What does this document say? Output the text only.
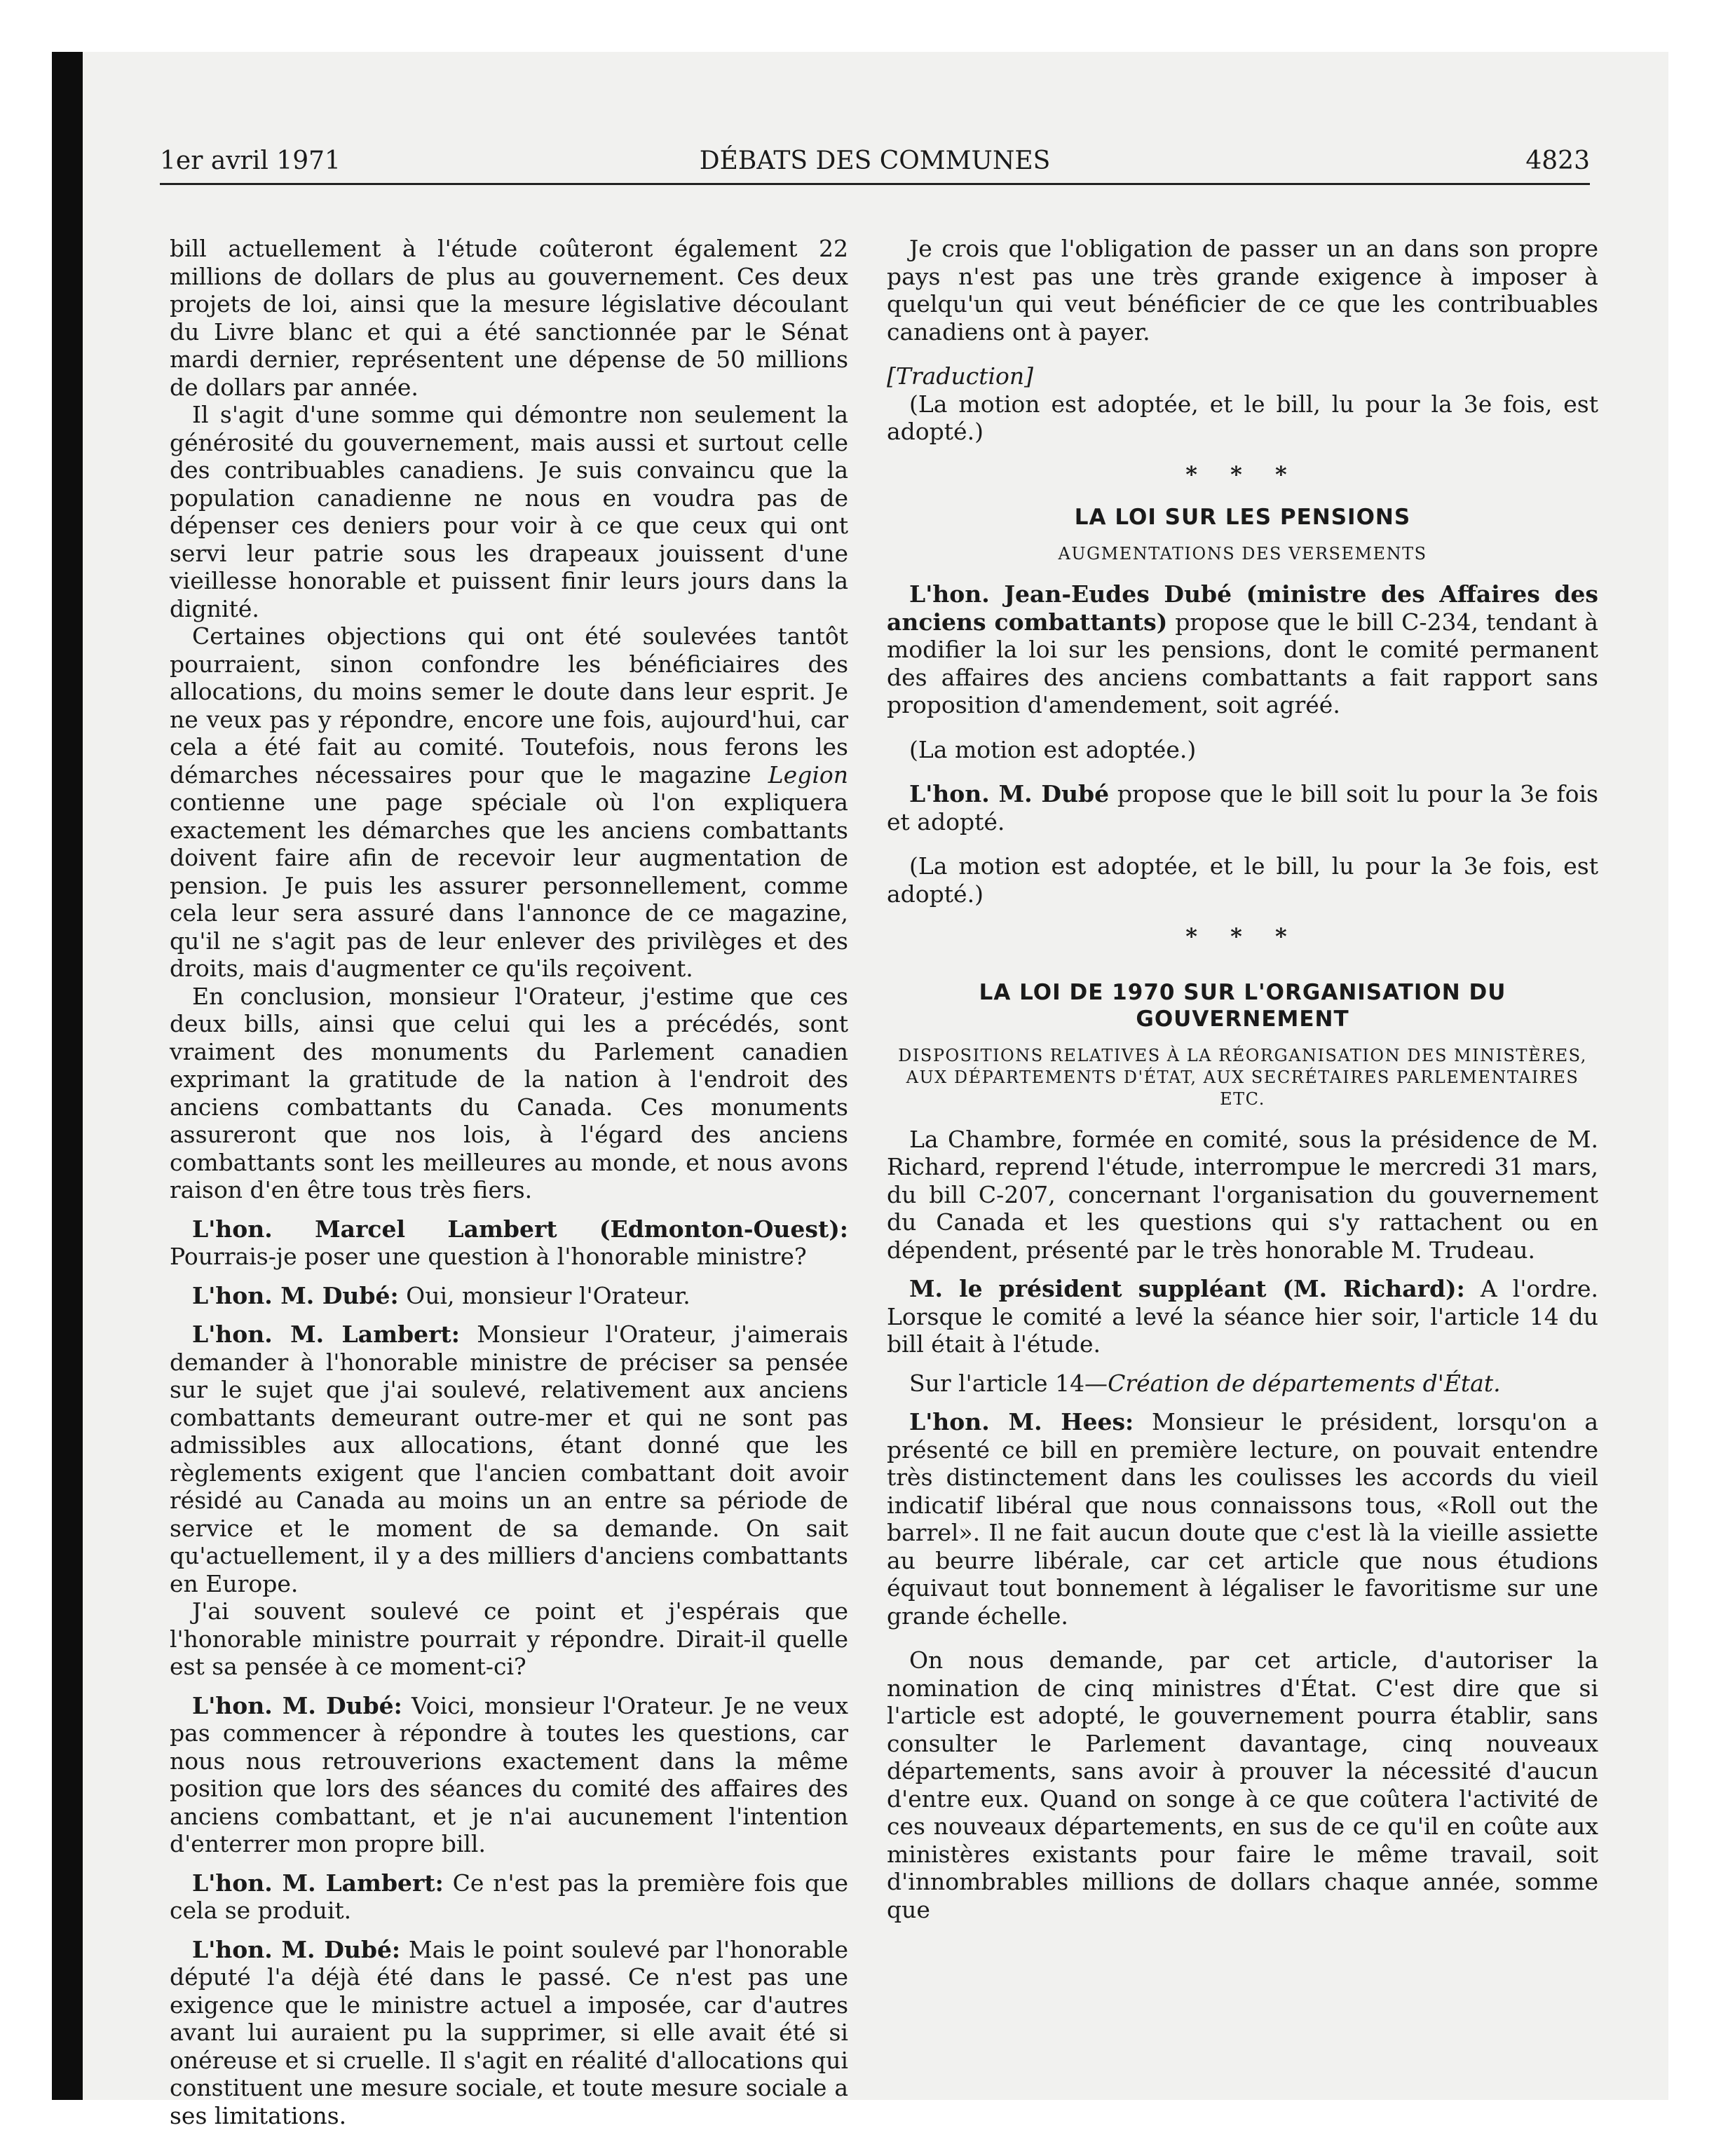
1er avril 1971	DÉBATS DES COMMUNES	4823

bill actuellement à l'étude coûteront également 22 millions de dollars de plus au gouvernement. Ces deux projets de loi, ainsi que la mesure législative découlant du Livre blanc et qui a été sanctionnée par le Sénat mardi dernier, représentent une dépense de 50 millions de dollars par année.

Il s'agit d'une somme qui démontre non seulement la générosité du gouvernement, mais aussi et surtout celle des contribuables canadiens. Je suis convaincu que la population canadienne ne nous en voudra pas de dépenser ces deniers pour voir à ce que ceux qui ont servi leur patrie sous les drapeaux jouissent d'une vieillesse honorable et puissent finir leurs jours dans la dignité.

Certaines objections qui ont été soulevées tantôt pourraient, sinon confondre les bénéficiaires des allocations, du moins semer le doute dans leur esprit. Je ne veux pas y répondre, encore une fois, aujourd'hui, car cela a été fait au comité. Toutefois, nous ferons les démarches nécessaires pour que le magazine Legion contienne une page spéciale où l'on expliquera exactement les démarches que les anciens combattants doivent faire afin de recevoir leur augmentation de pension. Je puis les assurer personnellement, comme cela leur sera assuré dans l'annonce de ce magazine, qu'il ne s'agit pas de leur enlever des privilèges et des droits, mais d'augmenter ce qu'ils reçoivent.

En conclusion, monsieur l'Orateur, j'estime que ces deux bills, ainsi que celui qui les a précédés, sont vraiment des monuments du Parlement canadien exprimant la gratitude de la nation à l'endroit des anciens combattants du Canada. Ces monuments assureront que nos lois, à l'égard des anciens combattants sont les meilleures au monde, et nous avons raison d'en être tous très fiers.

L'hon. Marcel Lambert (Edmonton-Ouest): Pourrais-je poser une question à l'honorable ministre?

L'hon. M. Dubé: Oui, monsieur l'Orateur.

L'hon. M. Lambert: Monsieur l'Orateur, j'aimerais demander à l'honorable ministre de préciser sa pensée sur le sujet que j'ai soulevé, relativement aux anciens combattants demeurant outre-mer et qui ne sont pas admissibles aux allocations, étant donné que les règlements exigent que l'ancien combattant doit avoir résidé au Canada au moins un an entre sa période de service et le moment de sa demande. On sait qu'actuellement, il y a des milliers d'anciens combattants en Europe.

J'ai souvent soulevé ce point et j'espérais que l'honorable ministre pourrait y répondre. Dirait-il quelle est sa pensée à ce moment-ci?

L'hon. M. Dubé: Voici, monsieur l'Orateur. Je ne veux pas commencer à répondre à toutes les questions, car nous nous retrouverions exactement dans la même position que lors des séances du comité des affaires des anciens combattant, et je n'ai aucunement l'intention d'enterrer mon propre bill.

L'hon. M. Lambert: Ce n'est pas la première fois que cela se produit.

L'hon. M. Dubé: Mais le point soulevé par l'honorable député l'a déjà été dans le passé. Ce n'est pas une exigence que le ministre actuel a imposée, car d'autres avant lui auraient pu la supprimer, si elle avait été si onéreuse et si cruelle. Il s'agit en réalité d'allocations qui constituent une mesure sociale, et toute mesure sociale a ses limitations.

Je crois que l'obligation de passer un an dans son propre pays n'est pas une très grande exigence à imposer à quelqu'un qui veut bénéficier de ce que les contribuables canadiens ont à payer.

[Traduction]

(La motion est adoptée, et le bill, lu pour la 3e fois, est adopté.)

* * *
LA LOI SUR LES PENSIONS
AUGMENTATIONS DES VERSEMENTS

L'hon. Jean-Eudes Dubé (ministre des Affaires des anciens combattants) propose que le bill C-234, tendant à modifier la loi sur les pensions, dont le comité permanent des affaires des anciens combattants a fait rapport sans proposition d'amendement, soit agréé.

(La motion est adoptée.)

L'hon. M. Dubé propose que le bill soit lu pour la 3e fois et adopté.

(La motion est adoptée, et le bill, lu pour la 3e fois, est adopté.)

* * *
LA LOI DE 1970 SUR L'ORGANISATION DU GOUVERNEMENT
DISPOSITIONS RELATIVES À LA RÉORGANISATION DES MINISTÈRES, AUX DÉPARTEMENTS D'ÉTAT, AUX SECRÉTAIRES PARLEMENTAIRES ETC.

La Chambre, formée en comité, sous la présidence de M. Richard, reprend l'étude, interrompue le mercredi 31 mars, du bill C-207, concernant l'organisation du gouvernement du Canada et les questions qui s'y rattachent ou en dépendent, présenté par le très honorable M. Trudeau.

M. le président suppléant (M. Richard): A l'ordre. Lorsque le comité a levé la séance hier soir, l'article 14 du bill était à l'étude.

Sur l'article 14—Création de départements d'État.

L'hon. M. Hees: Monsieur le président, lorsqu'on a présenté ce bill en première lecture, on pouvait entendre très distinctement dans les coulisses les accords du vieil indicatif libéral que nous connaissons tous, «Roll out the barrel». Il ne fait aucun doute que c'est là la vieille assiette au beurre libérale, car cet article que nous étudions équivaut tout bonnement à légaliser le favoritisme sur une grande échelle.

On nous demande, par cet article, d'autoriser la nomination de cinq ministres d'État. C'est dire que si l'article est adopté, le gouvernement pourra établir, sans consulter le Parlement davantage, cinq nouveaux départements, sans avoir à prouver la nécessité d'aucun d'entre eux. Quand on songe à ce que coûtera l'activité de ces nouveaux départements, en sus de ce qu'il en coûte aux ministères existants pour faire le même travail, soit d'innombrables millions de dollars chaque année, somme que
